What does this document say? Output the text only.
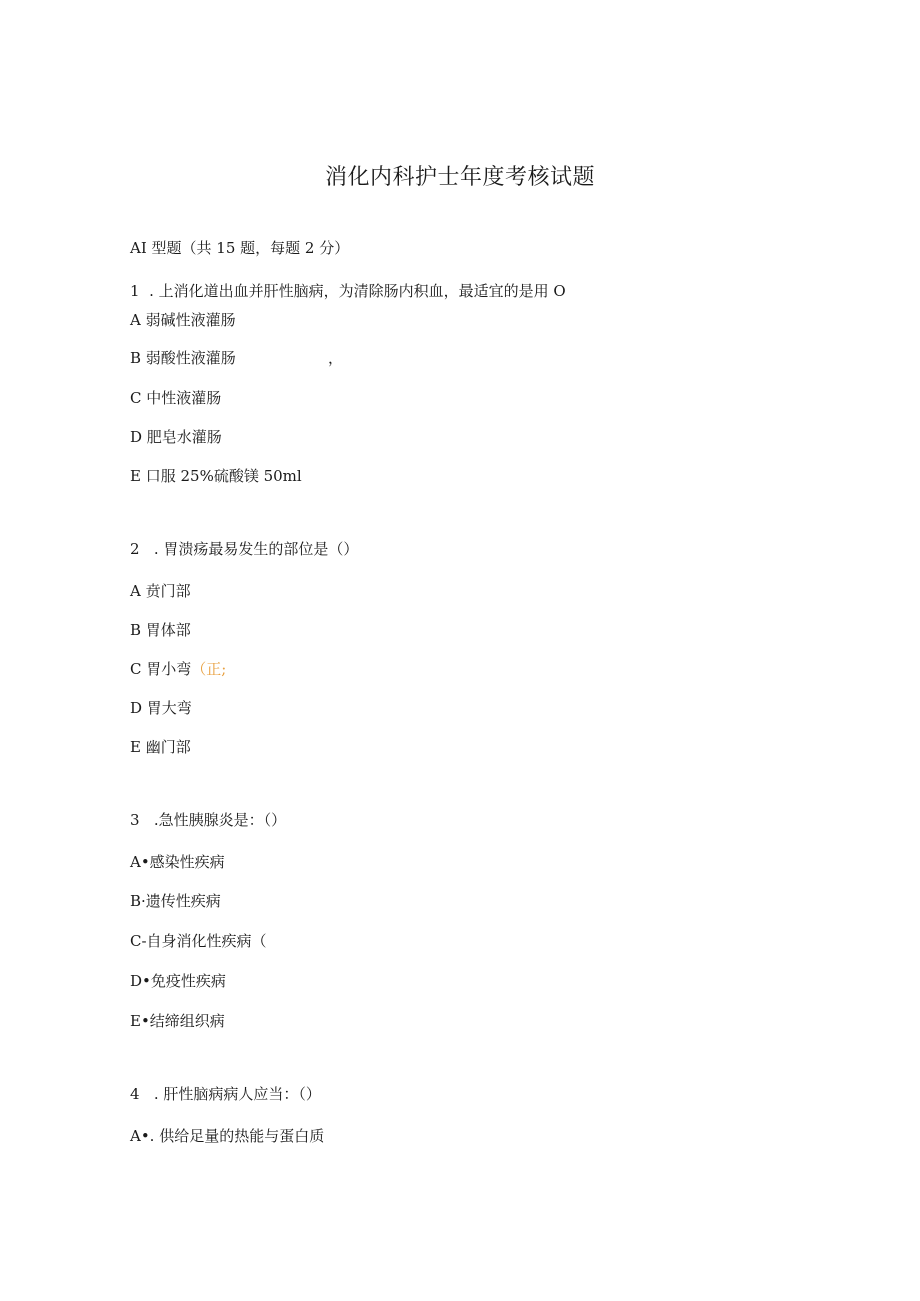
消化内科护士年度考核试题
AI 型题（共 15 题，每题 2 分）
1  . 上消化道出血并肝性脑病，为清除肠内积血，最适宜的是用 O
A 弱碱性液灌肠
B 弱酸性液灌肠	，
C 中性液灌肠
D 肥皂水灌肠
E 口服 25%硫酸镁 50ml
2   . 胃溃疡最易发生的部位是（）
A 贲门部
B 胃体部
C 胃小弯（正;
D 胃大弯
E 幽门部
3   .急性胰腺炎是：（）
A•感染性疾病
B·遗传性疾病
C-自身消化性疾病（
D•免疫性疾病
E•结缔组织病
4   . 肝性脑病病人应当：（）
A•. 供给足量的热能与蛋白质
